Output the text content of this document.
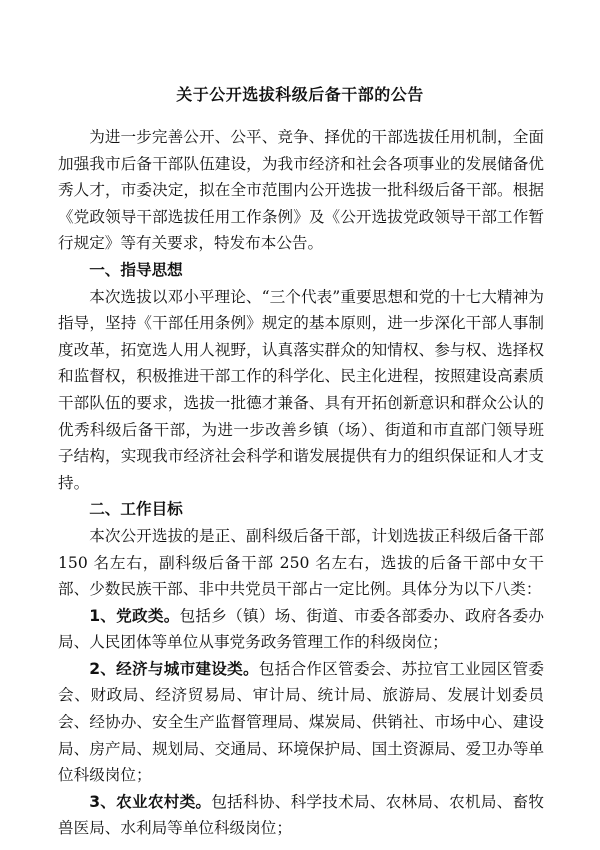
关于公开选拔科级后备干部的公告

为进一步完善公开、公平、竞争、择优的干部选拔任用机制，全面加强我市后备干部队伍建设，为我市经济和社会各项事业的发展储备优秀人才，市委决定，拟在全市范围内公开选拔一批科级后备干部。根据《党政领导干部选拔任用工作条例》及《公开选拔党政领导干部工作暂行规定》等有关要求，特发布本公告。

一、指导思想

本次选拔以邓小平理论、“三个代表”重要思想和党的十七大精神为指导，坚持《干部任用条例》规定的基本原则，进一步深化干部人事制度改革，拓宽选人用人视野，认真落实群众的知情权、参与权、选择权和监督权，积极推进干部工作的科学化、民主化进程，按照建设高素质干部队伍的要求，选拔一批德才兼备、具有开拓创新意识和群众公认的优秀科级后备干部，为进一步改善乡镇（场）、街道和市直部门领导班子结构，实现我市经济社会科学和谐发展提供有力的组织保证和人才支持。

二、工作目标

本次公开选拔的是正、副科级后备干部，计划选拔正科级后备干部 150 名左右，副科级后备干部 250 名左右，选拔的后备干部中女干部、少数民族干部、非中共党员干部占一定比例。具体分为以下八类：

1、党政类。包括乡（镇）场、街道、市委各部委办、政府各委办局、人民团体等单位从事党务政务管理工作的科级岗位；

2、经济与城市建设类。包括合作区管委会、苏拉官工业园区管委会、财政局、经济贸易局、审计局、统计局、旅游局、发展计划委员会、经协办、安全生产监督管理局、煤炭局、供销社、市场中心、建设局、房产局、规划局、交通局、环境保护局、国土资源局、爱卫办等单位科级岗位；

3、农业农村类。包括科协、科学技术局、农林局、农机局、畜牧兽医局、水利局等单位科级岗位；
